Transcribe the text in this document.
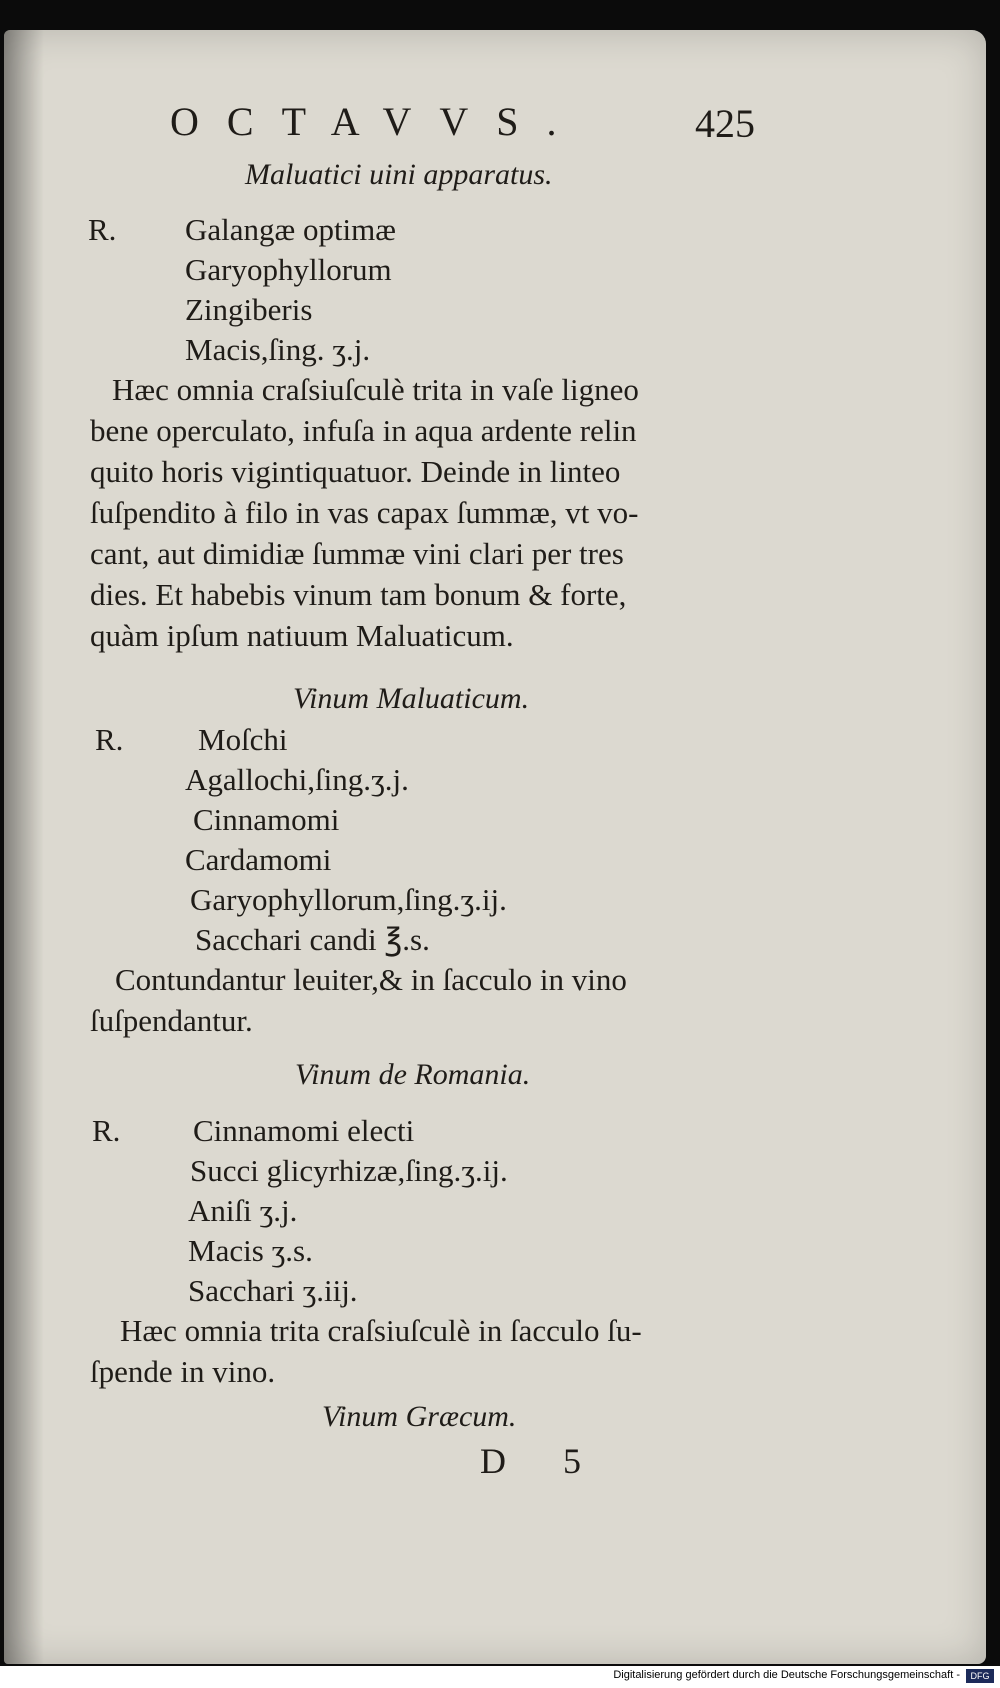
OCTAVVS.	425
Maluatici uini apparatus.
R. Galangæ optimæ
Garyophyllorum
Zingiberis
Macis,ſing. ʒ.j.
Hæc omnia craſsiuſculè trita in vaſe ligneo
bene operculato, infuſa in aqua ardente relin
quito horis vigintiquatuor. Deinde in linteo
ſuſpendito à filo in vas capax ſummæ, vt vo-
cant, aut dimidiæ ſummæ vini clari per tres
dies. Et habebis vinum tam bonum & forte,
quàm ipſum natiuum Maluaticum.
Vinum Maluaticum.
R. Moſchi
Agallochi,ſing.ʒ.j.
Cinnamomi
Cardamomi
Garyophyllorum,ſing.ʒ.ij.
Sacchari candi ℥.s.
Contundantur leuiter,& in ſacculo in vino
ſuſpendantur.
Vinum de Romania.
R. Cinnamomi electi
Succi glicyrhizæ,ſing.ʒ.ij.
Aniſi ʒ.j.
Macis ʒ.s.
Sacchari ʒ.iij.
Hæc omnia trita craſsiuſculè in ſacculo ſu-
ſpende in vino.
Vinum Græcum.
D 5
Digitalisierung gefördert durch die Deutsche Forschungsgemeinschaft -	DFG
